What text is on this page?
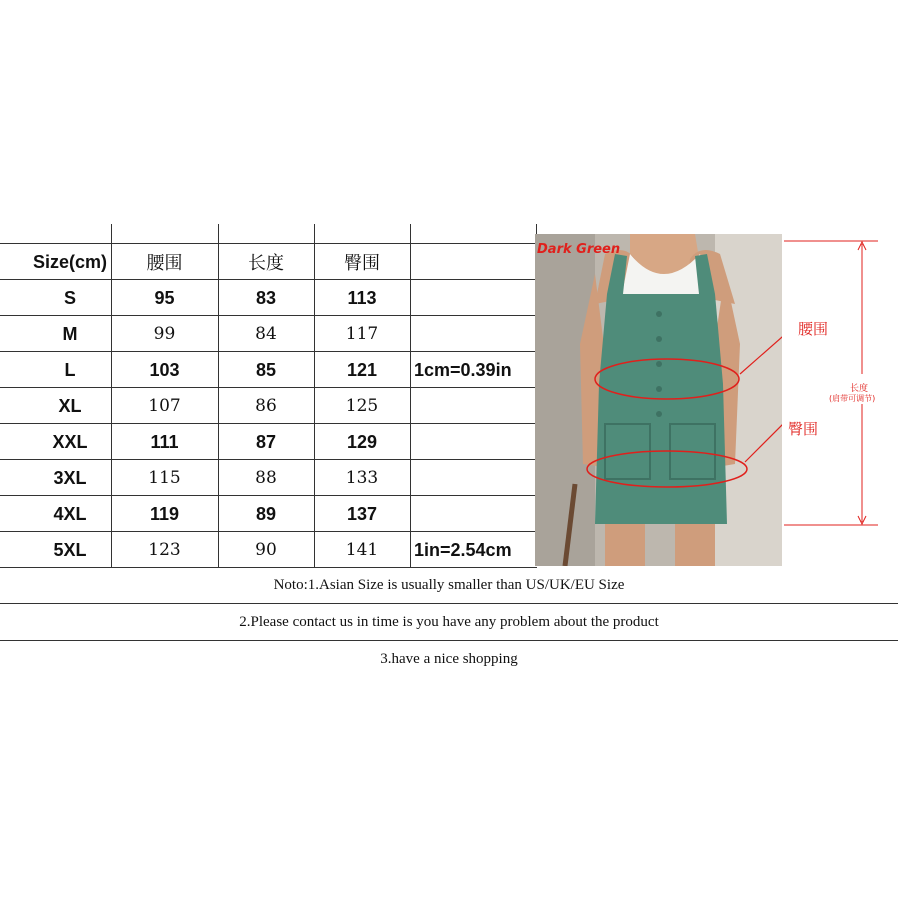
Size(cm)	腰围	长度	臀围
S	95	83	113
M	99	84	117
L	103	85	121	1cm=0.39in
XL	107	86	125
XXL	111	87	129
3XL	115	88	133
4XL	119	89	137
5XL	123	90	141	1in=2.54cm
Dark Green
腰围
臀围
长度
(肩带可调节)
Noto:1.Asian Size is usually smaller than US/UK/EU Size
2.Please contact us in time is you have any problem about the product
3.have a nice shopping
